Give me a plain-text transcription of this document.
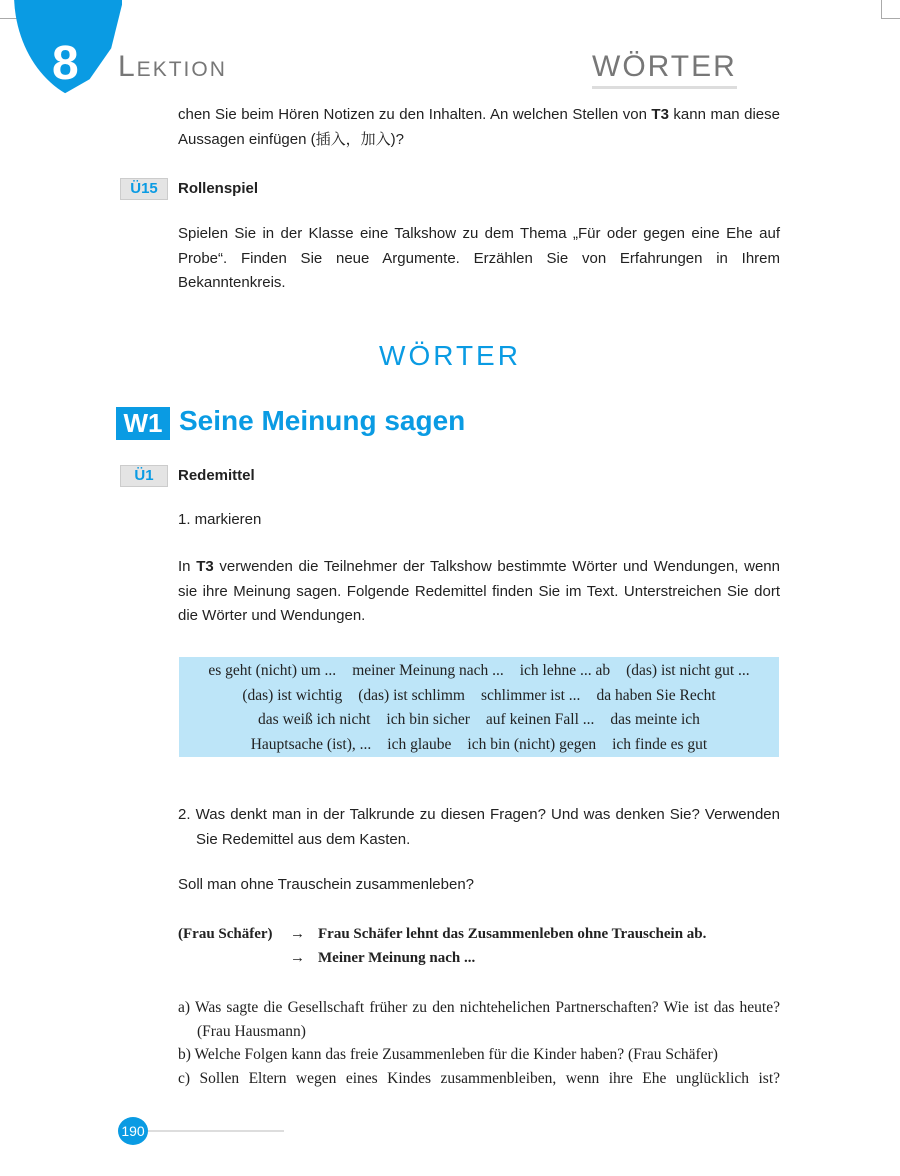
8 Lektion	WÖRTER
chen Sie beim Hören Notizen zu den Inhalten. An welchen Stellen von T3 kann man diese Aussagen einfügen (插入，加入)?
Ü15	Rollenspiel
Spielen Sie in der Klasse eine Talkshow zu dem Thema „Für oder gegen eine Ehe auf Probe“. Finden Sie neue Argumente. Erzählen Sie von Erfahrungen in Ihrem Bekanntenkreis.
WÖRTER
W1 Seine Meinung sagen
Ü1	Redemittel
1. markieren
In T3 verwenden die Teilnehmer der Talkshow bestimmte Wörter und Wendungen, wenn sie ihre Meinung sagen. Folgende Redemittel finden Sie im Text. Unterstreichen Sie dort die Wörter und Wendungen.
es geht (nicht) um ... meiner Meinung nach ... ich lehne ... ab (das) ist nicht gut ...
(das) ist wichtig (das) ist schlimm schlimmer ist ... da haben Sie Recht
das weiß ich nicht ich bin sicher auf keinen Fall ... das meinte ich
Hauptsache (ist), ... ich glaube ich bin (nicht) gegen ich finde es gut
2. Was denkt man in der Talkrunde zu diesen Fragen? Und was denken Sie? Verwenden Sie Redemittel aus dem Kasten.
Soll man ohne Trauschein zusammenleben?
(Frau Schäfer) → Frau Schäfer lehnt das Zusammenleben ohne Trauschein ab.
→ Meiner Meinung nach ...
a) Was sagte die Gesellschaft früher zu den nichtehelichen Partnerschaften? Wie ist das heute? (Frau Hausmann)
b) Welche Folgen kann das freie Zusammenleben für die Kinder haben? (Frau Schäfer)
c) Sollen Eltern wegen eines Kindes zusammenbleiben, wenn ihre Ehe unglücklich ist?
190
